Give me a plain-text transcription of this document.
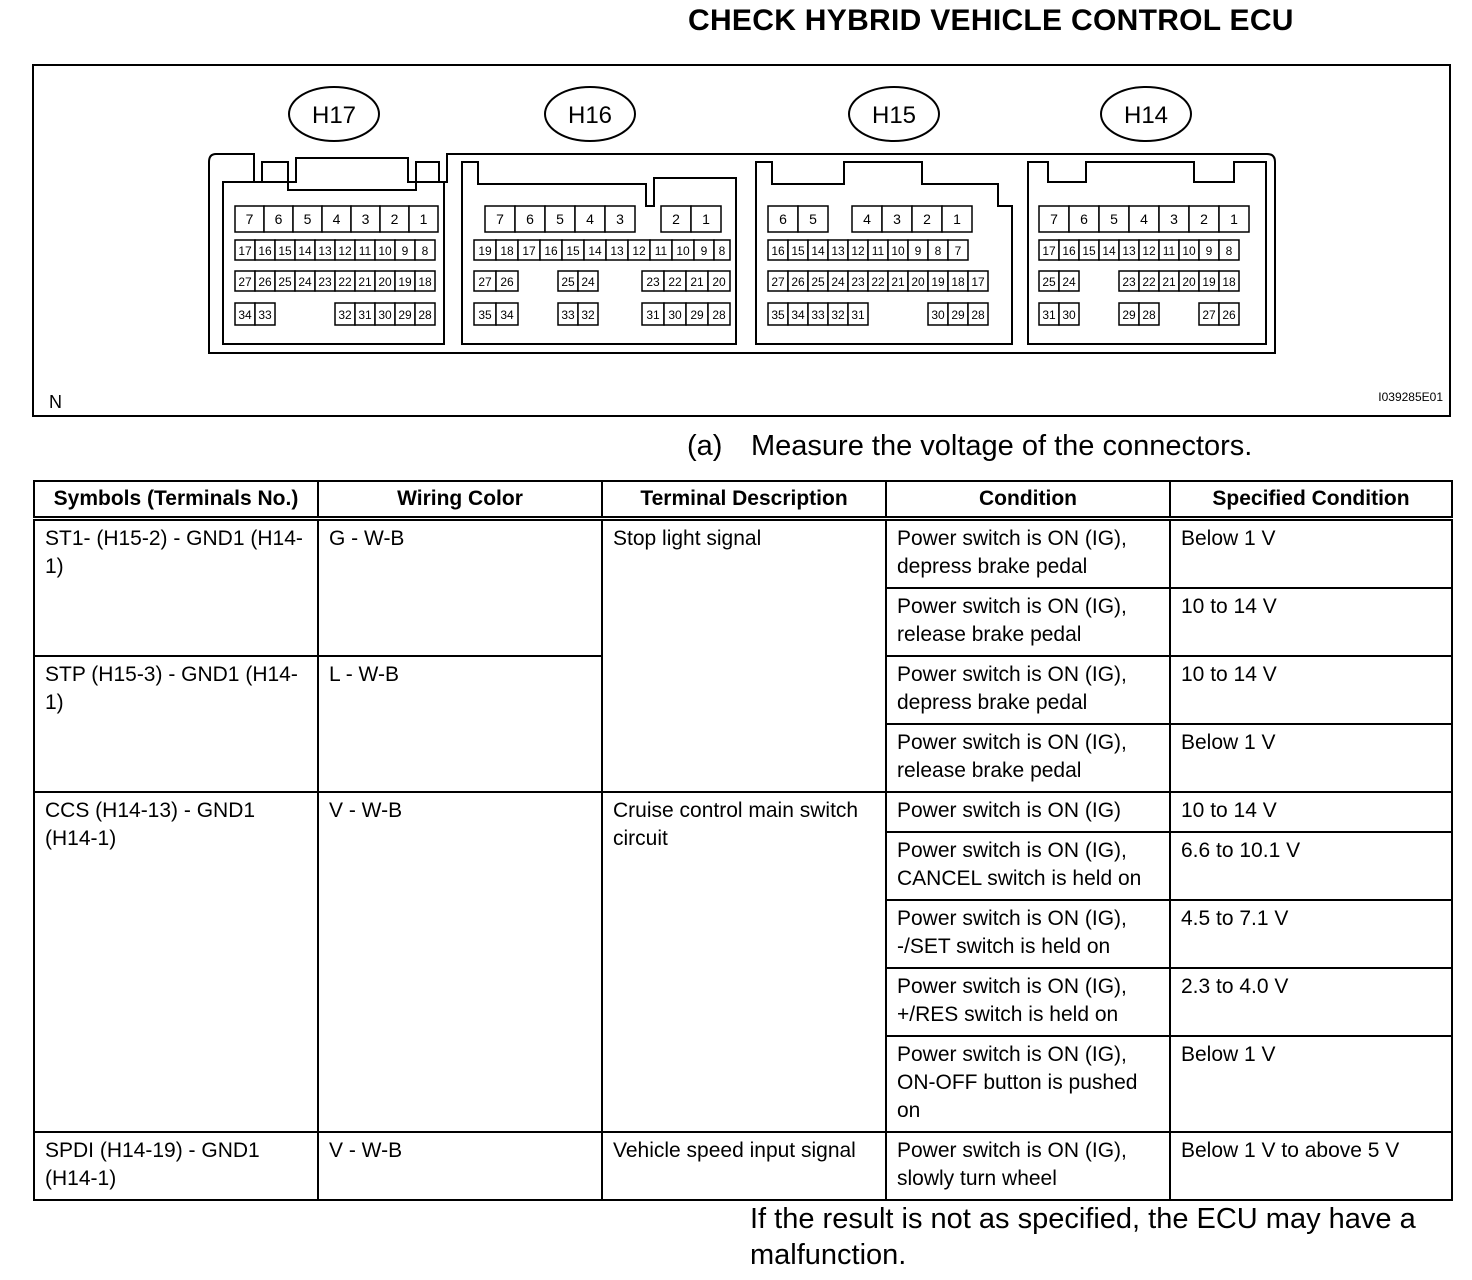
CHECK HYBRID VEHICLE CONTROL ECU
H17	H16	H15	H14
7 6 5 4 3 2 1
17 16 15 14 13 12 11 10 9 8
27 26 25 24 23 22 21 20 19 18
34 33	32 31 30 29 28
7 6 5 4 3	2 1
19 18 17 16 15 14 13 12 11 10 9 8
27 26	25 24	23 22 21 20
35 34	33 32	31 30 29 28
6 5	4 3 2 1
16 15 14 13 12 11 10 9 8 7
27 26 25 24 23 22 21 20 19 18 17
35 34 33 32 31	30 29 28
7 6 5 4 3 2 1
17 16 15 14 13 12 11 10 9 8
25 24	23 22 21 20 19 18
31 30	29 28	27 26
N	I039285E01
(a) Measure the voltage of the connectors.
Symbols (Terminals No.)	Wiring Color	Terminal Description	Condition	Specified Condition
ST1- (H15-2) - GND1 (H14-1)	G - W-B	Stop light signal	Power switch is ON (IG), depress brake pedal	Below 1 V
			Power switch is ON (IG), release brake pedal	10 to 14 V
STP (H15-3) - GND1 (H14-1)	L - W-B		Power switch is ON (IG), depress brake pedal	10 to 14 V
			Power switch is ON (IG), release brake pedal	Below 1 V
CCS (H14-13) - GND1 (H14-1)	V - W-B	Cruise control main switch circuit	Power switch is ON (IG)	10 to 14 V
			Power switch is ON (IG), CANCEL switch is held on	6.6 to 10.1 V
			Power switch is ON (IG), -/SET switch is held on	4.5 to 7.1 V
			Power switch is ON (IG), +/RES switch is held on	2.3 to 4.0 V
			Power switch is ON (IG), ON-OFF button is pushed on	Below 1 V
SPDI (H14-19) - GND1 (H14-1)	V - W-B	Vehicle speed input signal	Power switch is ON (IG), slowly turn wheel	Below 1 V to above 5 V
If the result is not as specified, the ECU may have a malfunction.
